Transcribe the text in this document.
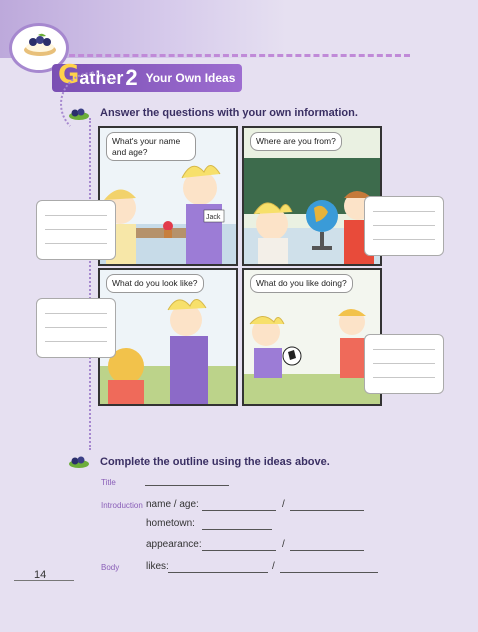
G ather 2 Your Own Ideas
Answer the questions with your own information.
Jack
What's your name and age?
Where are you from?
What do you look like?	What do you like doing?
Complete the outline using the ideas above.
Title
Introduction name / age:	/
hometown:
appearance:	/
Body	likes:	/
14
